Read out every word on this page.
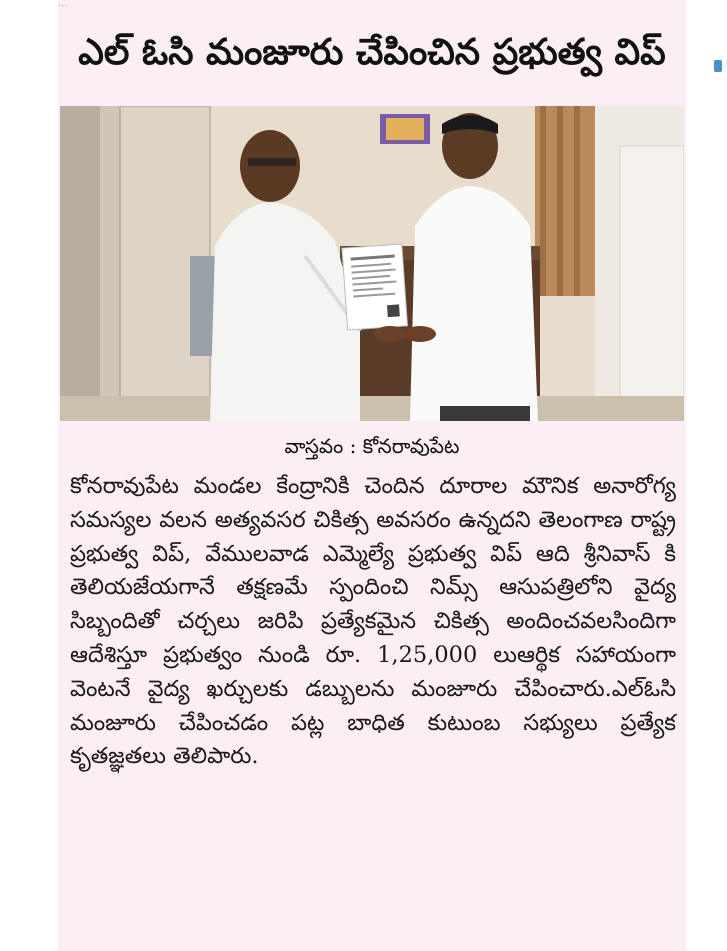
...
ఎల్ ఓసి మంజూరు చేపించిన ప్రభుత్వ విప్
వాస్తవం : కోనరావుపేట

కోనరావుపేట మండల కేంద్రానికి చెందిన దూరాల మౌనిక అనారోగ్య సమస్యల వలన అత్యవసర చికిత్స అవసరం ఉన్నదని తెలంగాణ రాష్ట్ర ప్రభుత్వ విప్, వేములవాడ ఎమ్మెల్యే ప్రభుత్వ విప్ ఆది శ్రీనివాస్ కి తెలియజేయగానే తక్షణమే స్పందించి నిమ్స్ ఆసుపత్రిలోని వైద్య సిబ్బందితో చర్చలు జరిపి ప్రత్యేకమైన చికిత్స అందించవలసిందిగా ఆదేశిస్తూ ప్రభుత్వం నుండి రూ. 1,25,000 లుఆర్థిక సహాయంగా వెంటనే వైద్య ఖర్చులకు డబ్బులను మంజూరు చేపించారు.ఎల్ఓసి మంజూరు చేపించడం పట్ల బాధిత కుటుంబ సభ్యులు ప్రత్యేక కృతజ్ఞతలు తెలిపారు.
